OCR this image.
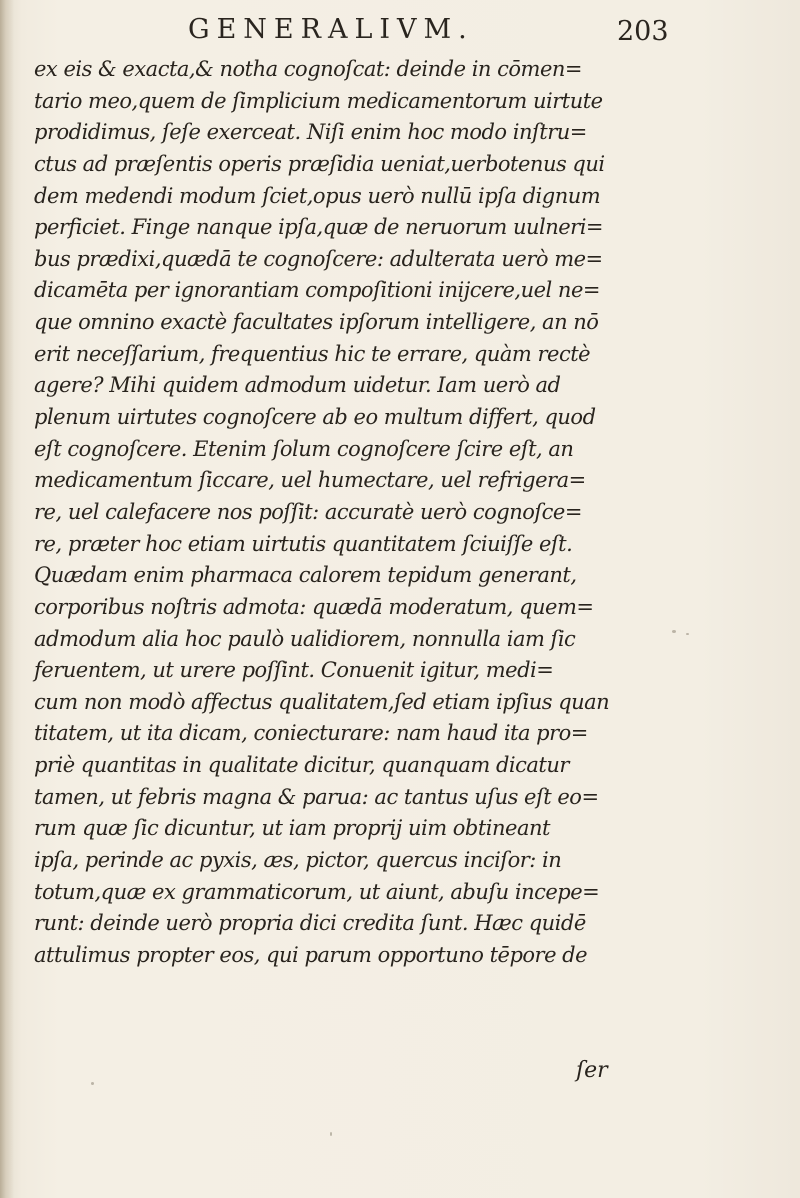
GENERALIVM.	203
ex eis & exacta,& notha cognoſcat: deinde in cōmen=
tario meo,quem de ſimplicium medicamentorum uirtute
prodidimus, ſeſe exerceat. Niſi enim hoc modo inſtru=
ctus ad præſentis operis præſidia ueniat,uerbotenus qui
dem medendi modum ſciet,opus uerò nullū ipſa dignum
perficiet. Finge nanque ipſa,quæ de neruorum uulneri=
bus prædixi,quædā te cognoſcere: adulterata uerò me=
dicamēta per ignorantiam compoſitioni inijcere,uel ne=
que omnino exactè facultates ipſorum intelligere, an nō
erit neceſſarium, frequentius hic te errare, quàm rectè
agere? Mihi quidem admodum uidetur. Iam uerò ad
plenum uirtutes cognoſcere ab eo multum differt, quod
eſt cognoſcere. Etenim ſolum cognoſcere ſcire eſt, an
medicamentum ſiccare, uel humectare, uel refrigera=
re, uel calefacere nos poſſit: accuratè uerò cognoſce=
re, præter hoc etiam uirtutis quantitatem ſciuiſſe eſt.
Quædam enim pharmaca calorem tepidum generant,
corporibus noſtris admota: quædā moderatum, quem=
admodum alia hoc paulò ualidiorem, nonnulla iam ſic
feruentem, ut urere poſſint. Conuenit igitur, medi=
cum non modò affectus qualitatem,ſed etiam ipſius quan
titatem, ut ita dicam, coniecturare: nam haud ita pro=
priè quantitas in qualitate dicitur, quanquam dicatur
tamen, ut febris magna & parua: ac tantus uſus eſt eo=
rum quæ ſic dicuntur, ut iam proprij uim obtineant
ipſa, perinde ac pyxis, æs, pictor, quercus inciſor: in
totum,quæ ex grammaticorum, ut aiunt, abuſu incepe=
runt: deinde uerò propria dici credita ſunt. Hæc quidē
attulimus propter eos, qui parum opportuno tēpore de
ſer
